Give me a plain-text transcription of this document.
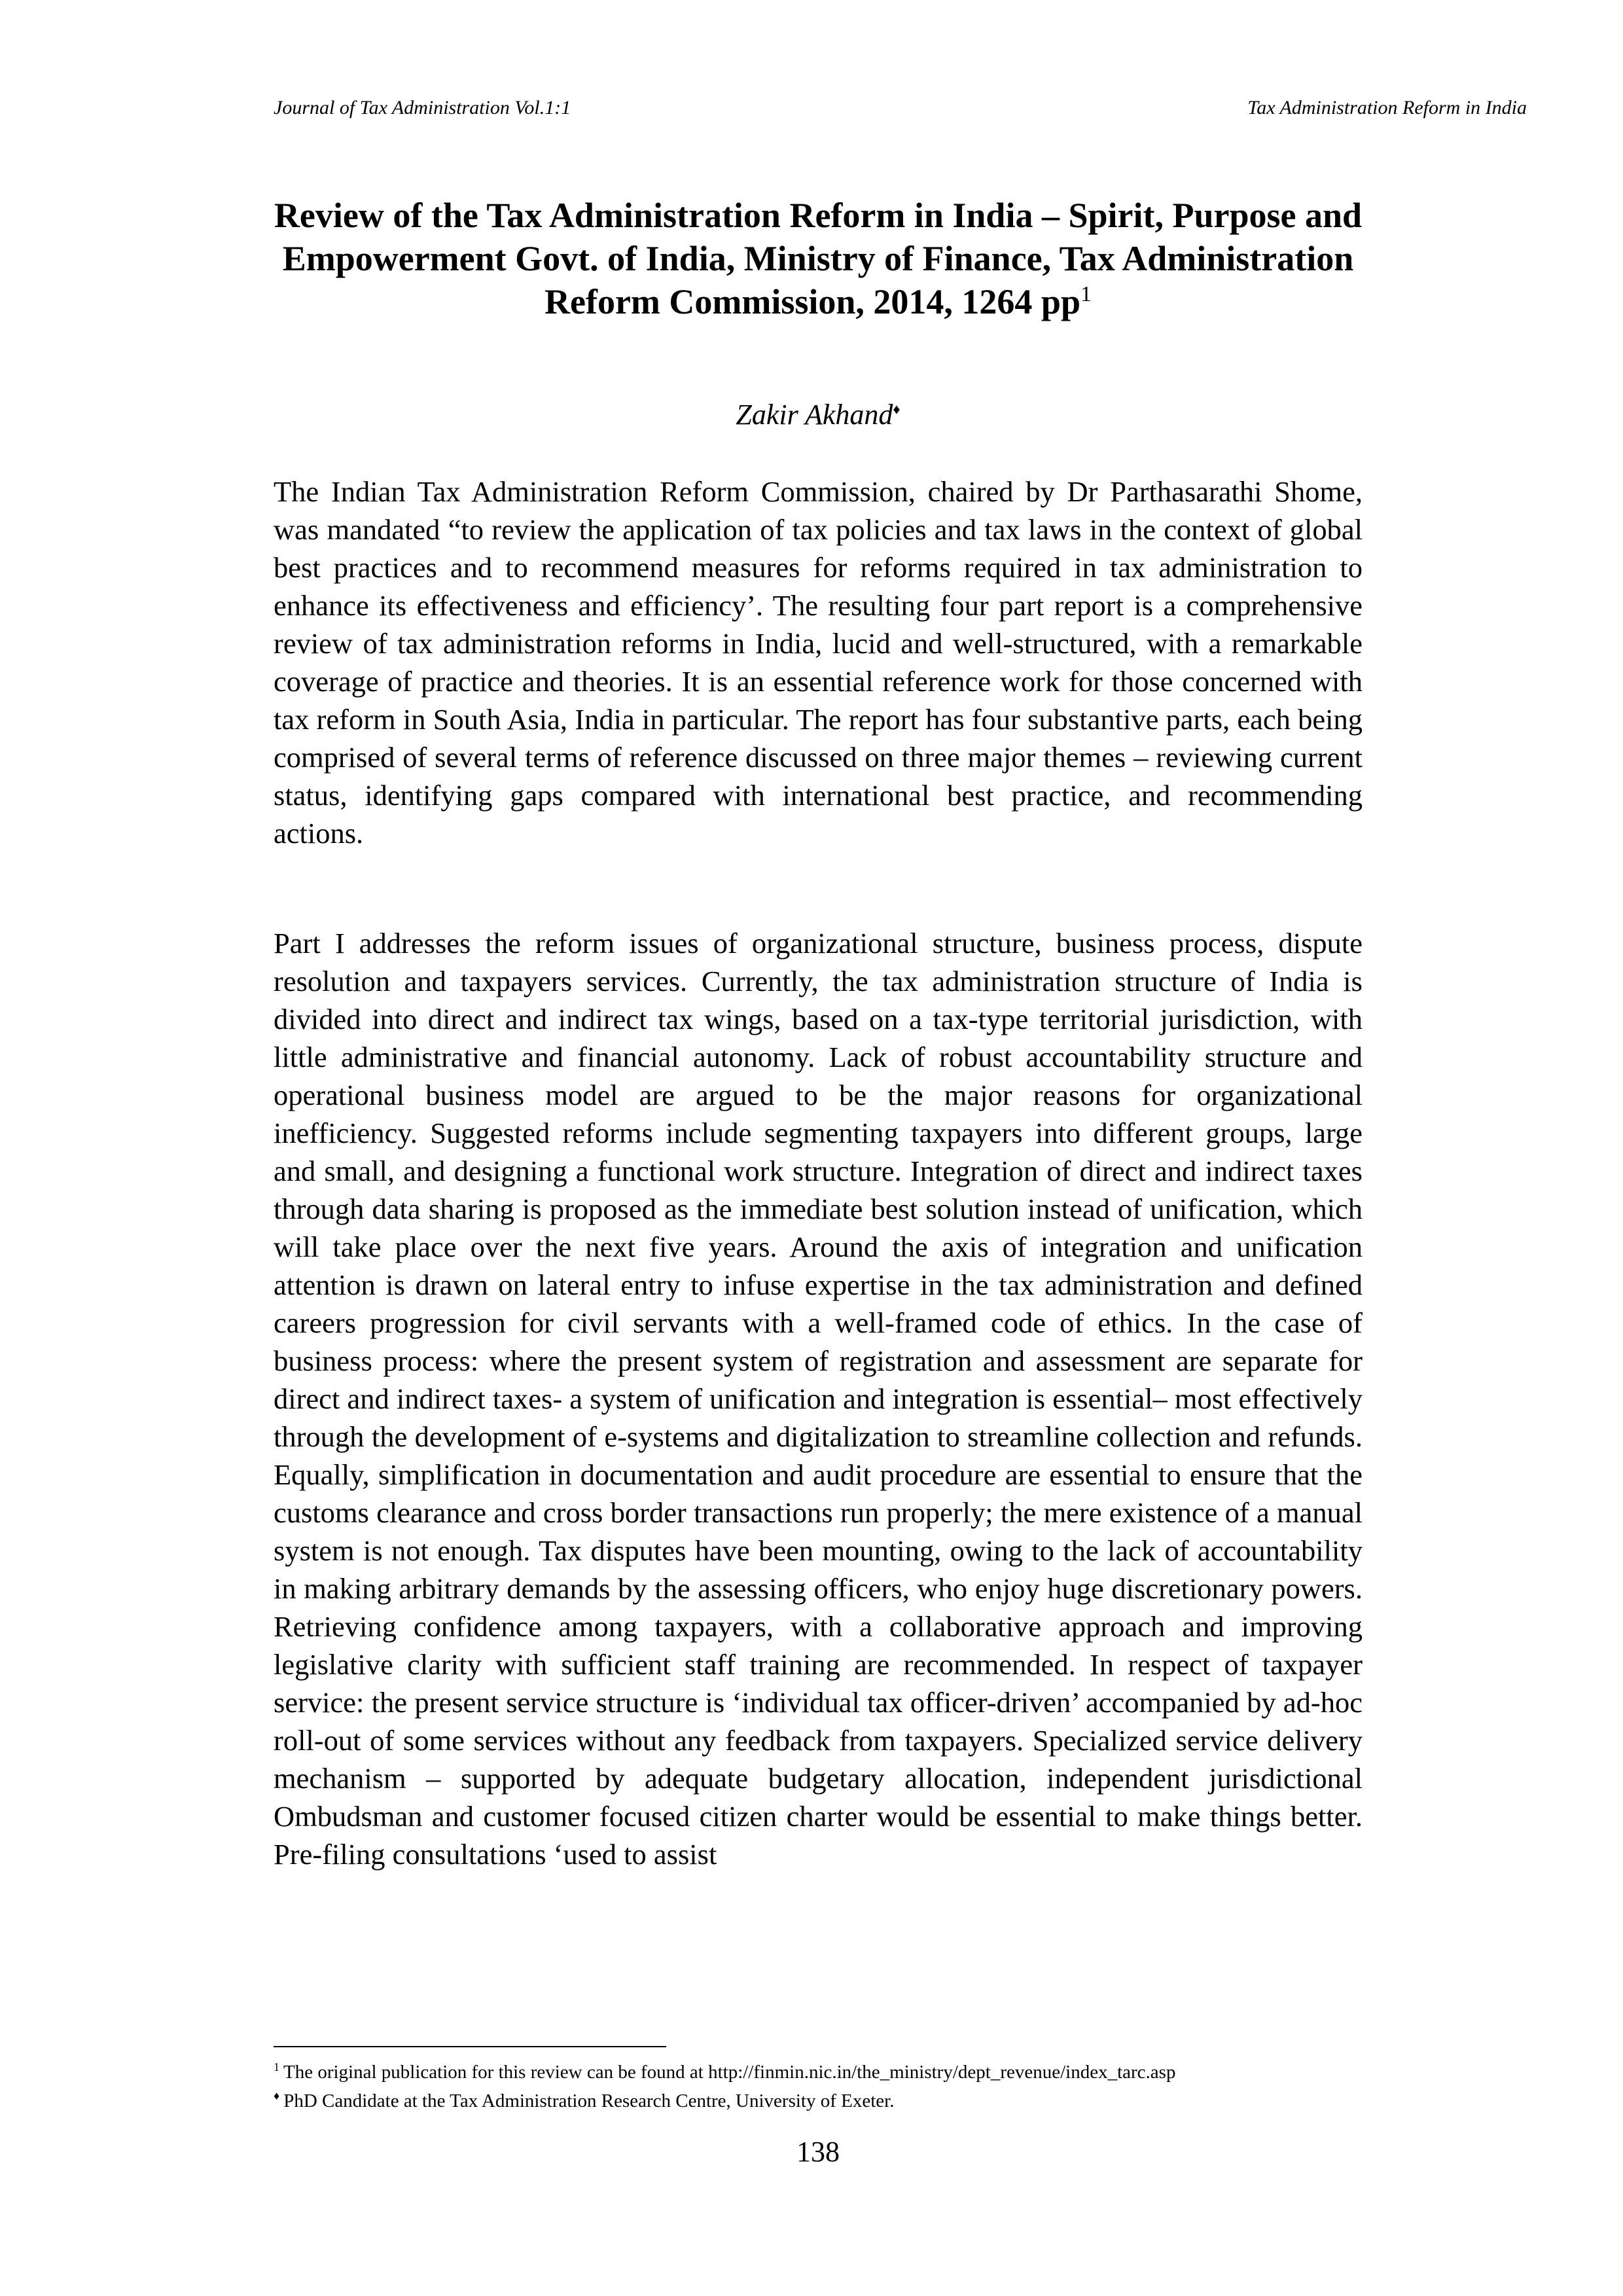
Journal of Tax Administration Vol.1:1	Tax Administration Reform in India
Review of the Tax Administration Reform in India – Spirit, Purpose and Empowerment Govt. of India, Ministry of Finance, Tax Administration Reform Commission, 2014, 1264 pp$^1$
Zakir Akhand♦

The Indian Tax Administration Reform Commission, chaired by Dr Parthasarathi Shome, was mandated “to review the application of tax policies and tax laws in the context of global best practices and to recommend measures for reforms required in tax administration to enhance its effectiveness and efficiency’. The resulting four part report is a comprehensive review of tax administration reforms in India, lucid and well-structured, with a remarkable coverage of practice and theories. It is an essential reference work for those concerned with tax reform in South Asia, India in particular. The report has four substantive parts, each being comprised of several terms of reference discussed on three major themes – reviewing current status, identifying gaps compared with international best practice, and recommending actions.

Part I addresses the reform issues of organizational structure, business process, dispute resolution and taxpayers services. Currently, the tax administration structure of India is divided into direct and indirect tax wings, based on a tax-type territorial jurisdiction, with little administrative and financial autonomy. Lack of robust accountability structure and operational business model are argued to be the major reasons for organizational inefficiency. Suggested reforms include segmenting taxpayers into different groups, large and small, and designing a functional work structure. Integration of direct and indirect taxes through data sharing is proposed as the immediate best solution instead of unification, which will take place over the next five years. Around the axis of integration and unification attention is drawn on lateral entry to infuse expertise in the tax administration and defined careers progression for civil servants with a well-framed code of ethics. In the case of business process: where the present system of registration and assessment are separate for direct and indirect taxes- a system of unification and integration is essential– most effectively through the development of e-systems and digitalization to streamline collection and refunds. Equally, simplification in documentation and audit procedure are essential to ensure that the customs clearance and cross border transactions run properly; the mere existence of a manual system is not enough. Tax disputes have been mounting, owing to the lack of accountability in making arbitrary demands by the assessing officers, who enjoy huge discretionary powers. Retrieving confidence among taxpayers, with a collaborative approach and improving legislative clarity with sufficient staff training are recommended. In respect of taxpayer service: the present service structure is ‘individual tax officer-driven’ accompanied by ad-hoc roll-out of some services without any feedback from taxpayers. Specialized service delivery mechanism – supported by adequate budgetary allocation, independent jurisdictional Ombudsman and customer focused citizen charter would be essential to make things better. Pre-filing consultations ‘used to assist

$^1$ The original publication for this review can be found at http://finmin.nic.in/the_ministry/dept_revenue/index_tarc.asp
♦ PhD Candidate at the Tax Administration Research Centre, University of Exeter.
138
